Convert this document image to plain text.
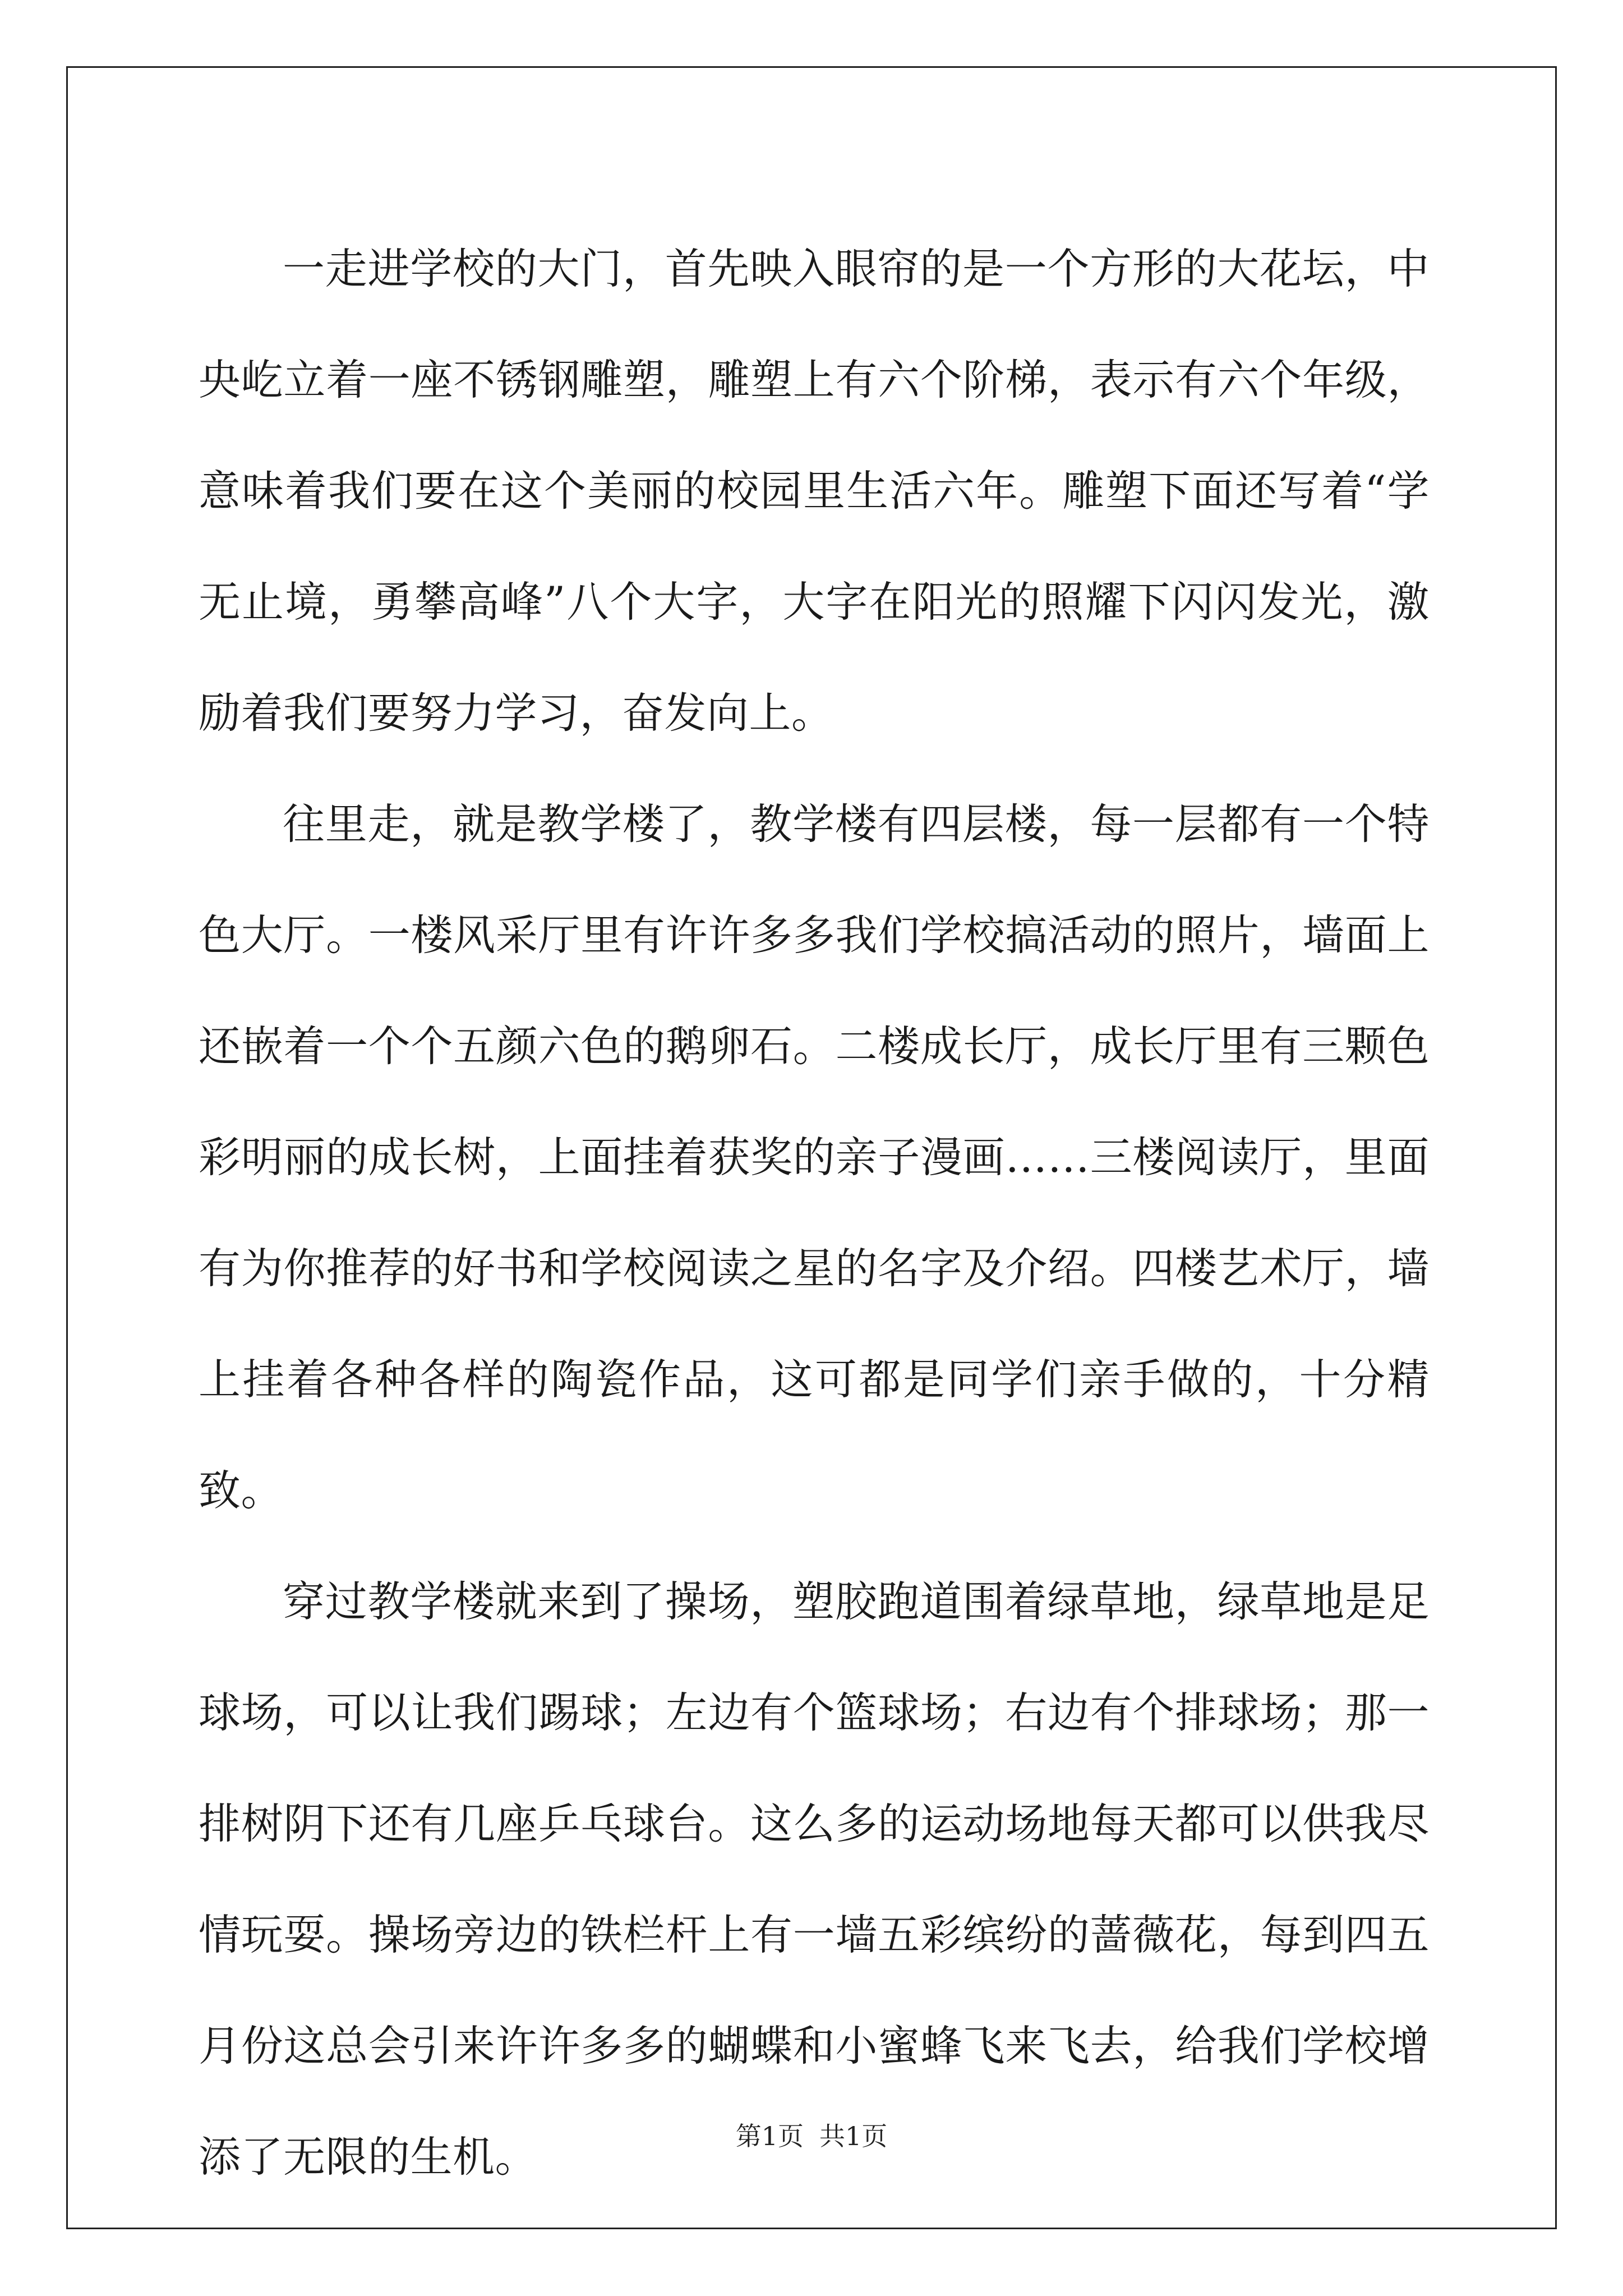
一走进学校的大门，首先映入眼帘的是一个方形的大花坛，中央屹立着一座不锈钢雕塑，雕塑上有六个阶梯，表示有六个年级，意味着我们要在这个美丽的校园里生活六年。雕塑下面还写着“学无止境，勇攀高峰”八个大字，大字在阳光的照耀下闪闪发光，激励着我们要努力学习，奋发向上。

往里走，就是教学楼了，教学楼有四层楼，每一层都有一个特色大厅。一楼风采厅里有许许多多我们学校搞活动的照片，墙面上还嵌着一个个五颜六色的鹅卵石。二楼成长厅，成长厅里有三颗色彩明丽的成长树，上面挂着获奖的亲子漫画……三楼阅读厅，里面有为你推荐的好书和学校阅读之星的名字及介绍。四楼艺术厅，墙上挂着各种各样的陶瓷作品，这可都是同学们亲手做的，十分精致。

穿过教学楼就来到了操场，塑胶跑道围着绿草地，绿草地是足球场，可以让我们踢球；左边有个篮球场；右边有个排球场；那一排树阴下还有几座乒乓球台。这么多的运动场地每天都可以供我尽情玩耍。操场旁边的铁栏杆上有一墙五彩缤纷的蔷薇花，每到四五月份这总会引来许许多多的蝴蝶和小蜜蜂飞来飞去，给我们学校增添了无限的生机。	第1页 共1页
